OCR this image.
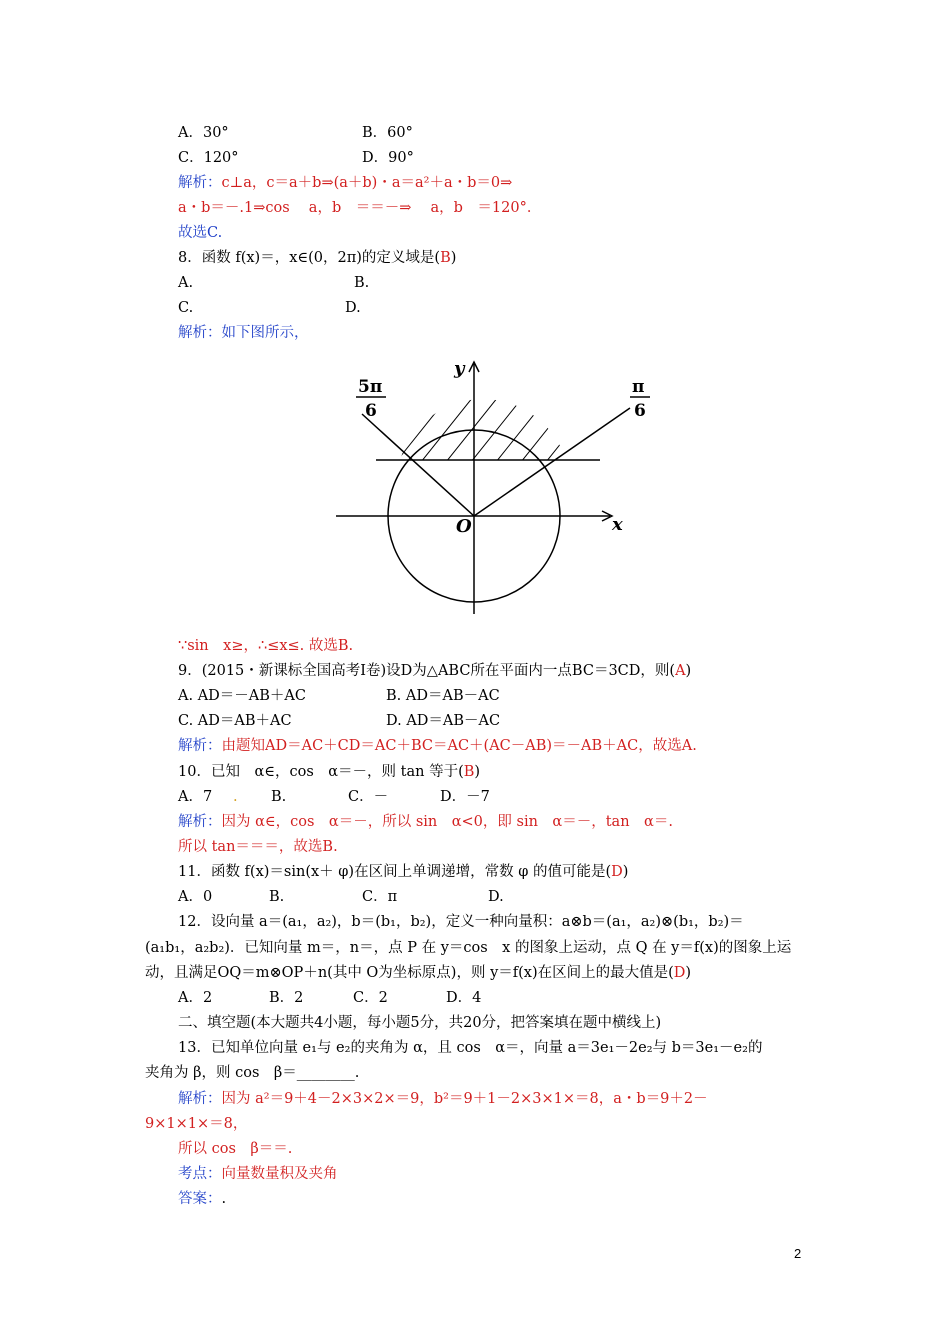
A．30°	B．60°
C．120°	D．90°
解析：c⊥a，c＝a＋b⇒(a＋b)・a＝a²＋a・b＝0⇒
a・b＝－.1⇒cos　 a，b　＝＝－⇒　 a，b　＝120°．
故选C.
8．函数 f(x)＝，x∈(0，2π)的定义域是(B)
A.	B.
C.	D.
解析：如下图所示，
y
x
O
5π
6
π
6
∵sin　x≥，∴≤x≤. 故选B.
9．(2015・新课标全国高考Ⅰ卷)设D为△ABC所在平面内一点BC＝3CD，则(A)
A. AD＝－AB＋AC	B. AD＝AB－AC
C. AD＝AB＋AC	D. AD＝AB－AC
解析：由题知AD＝AC＋CD＝AC＋BC＝AC＋(AC－AB)＝－AB＋AC，故选A.
10．已知　α∈，cos　α＝－，则 tan 等于(B)
A．7 . B.	C．－	D．－7
解析：因为 α∈，cos　α＝－，所以 sin　α<0，即 sin　α＝－，tan　α＝.
所以 tan＝＝＝，故选B.
11．函数 f(x)＝sin(x＋ φ)在区间上单调递增，常数 φ 的值可能是(D)
A．0	B.	C．π	D.
12．设向量 a＝(a₁，a₂)，b＝(b₁，b₂)，定义一种向量积：a⊗b＝(a₁，a₂)⊗(b₁，b₂)＝
(a₁b₁，a₂b₂)．已知向量 m＝，n＝，点 P 在 y＝cos　x 的图象上运动，点 Q 在 y＝f(x)的图象上运
动，且满足OQ＝m⊗OP＋n(其中 O为坐标原点)，则 y＝f(x)在区间上的最大值是(D)
A．2	B．2	C．2	D．4
二、填空题(本大题共4小题，每小题5分，共20分，把答案填在题中横线上)
13．已知单位向量 e₁与 e₂的夹角为 α，且 cos　α＝，向量 a＝3e₁－2e₂与 b＝3e₁－e₂的
夹角为 β，则 cos　β＝________.
解析：因为 a²＝9＋4－2×3×2×＝9，b²＝9＋1－2×3×1×＝8，a・b＝9＋2－
9×1×1×＝8，
所以 cos　β＝＝.
考点：向量数量积及夹角
答案：.
2
